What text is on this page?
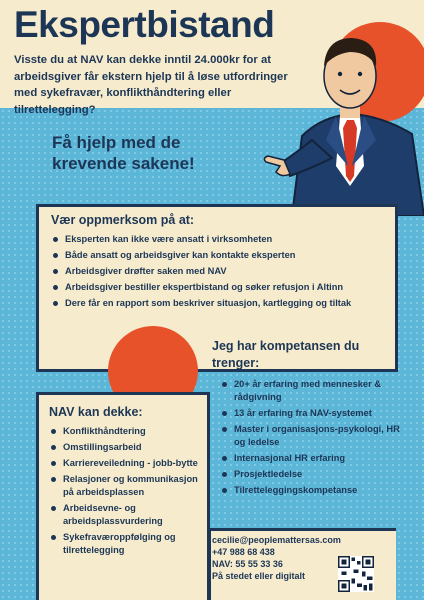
Ekspertbistand

Visste du at NAV kan dekke inntil 24.000kr for at arbeidsgiver får ekstern hjelp til å løse utfordringer med sykefravær, konflikthåndtering eller tilrettelegging?

Få hjelp med de krevende sakene!
Vær oppmerksom på at:
Eksperten kan ikke være ansatt i virksomheten
Både ansatt og arbeidsgiver kan kontakte eksperten
Arbeidsgiver drøfter saken med NAV
Arbeidsgiver bestiller ekspertbistand og søker refusjon i Altinn
Dere får en rapport som beskriver situasjon, kartlegging og tiltak
Jeg har kompetansen du trenger:
20+ år erfaring med mennesker & rådgivning
13 år erfaring fra NAV-systemet
Master i organisasjons-psykologi, HR og ledelse
Internasjonal HR erfaring
Prosjektledelse
Tilretteleggingskompetanse
NAV kan dekke:
Konflikthåndtering
Omstillingsarbeid
Karriereveiledning - jobb-bytte
Relasjoner og kommunikasjon på arbeidsplassen
Arbeidsevne- og arbeidsplassvurdering
Sykefraværoppfølging og tilrettelegging
cecilie@peoplemattersas.com
+47 988 68 438
NAV: 55 55 33 36
På stedet eller digitalt
